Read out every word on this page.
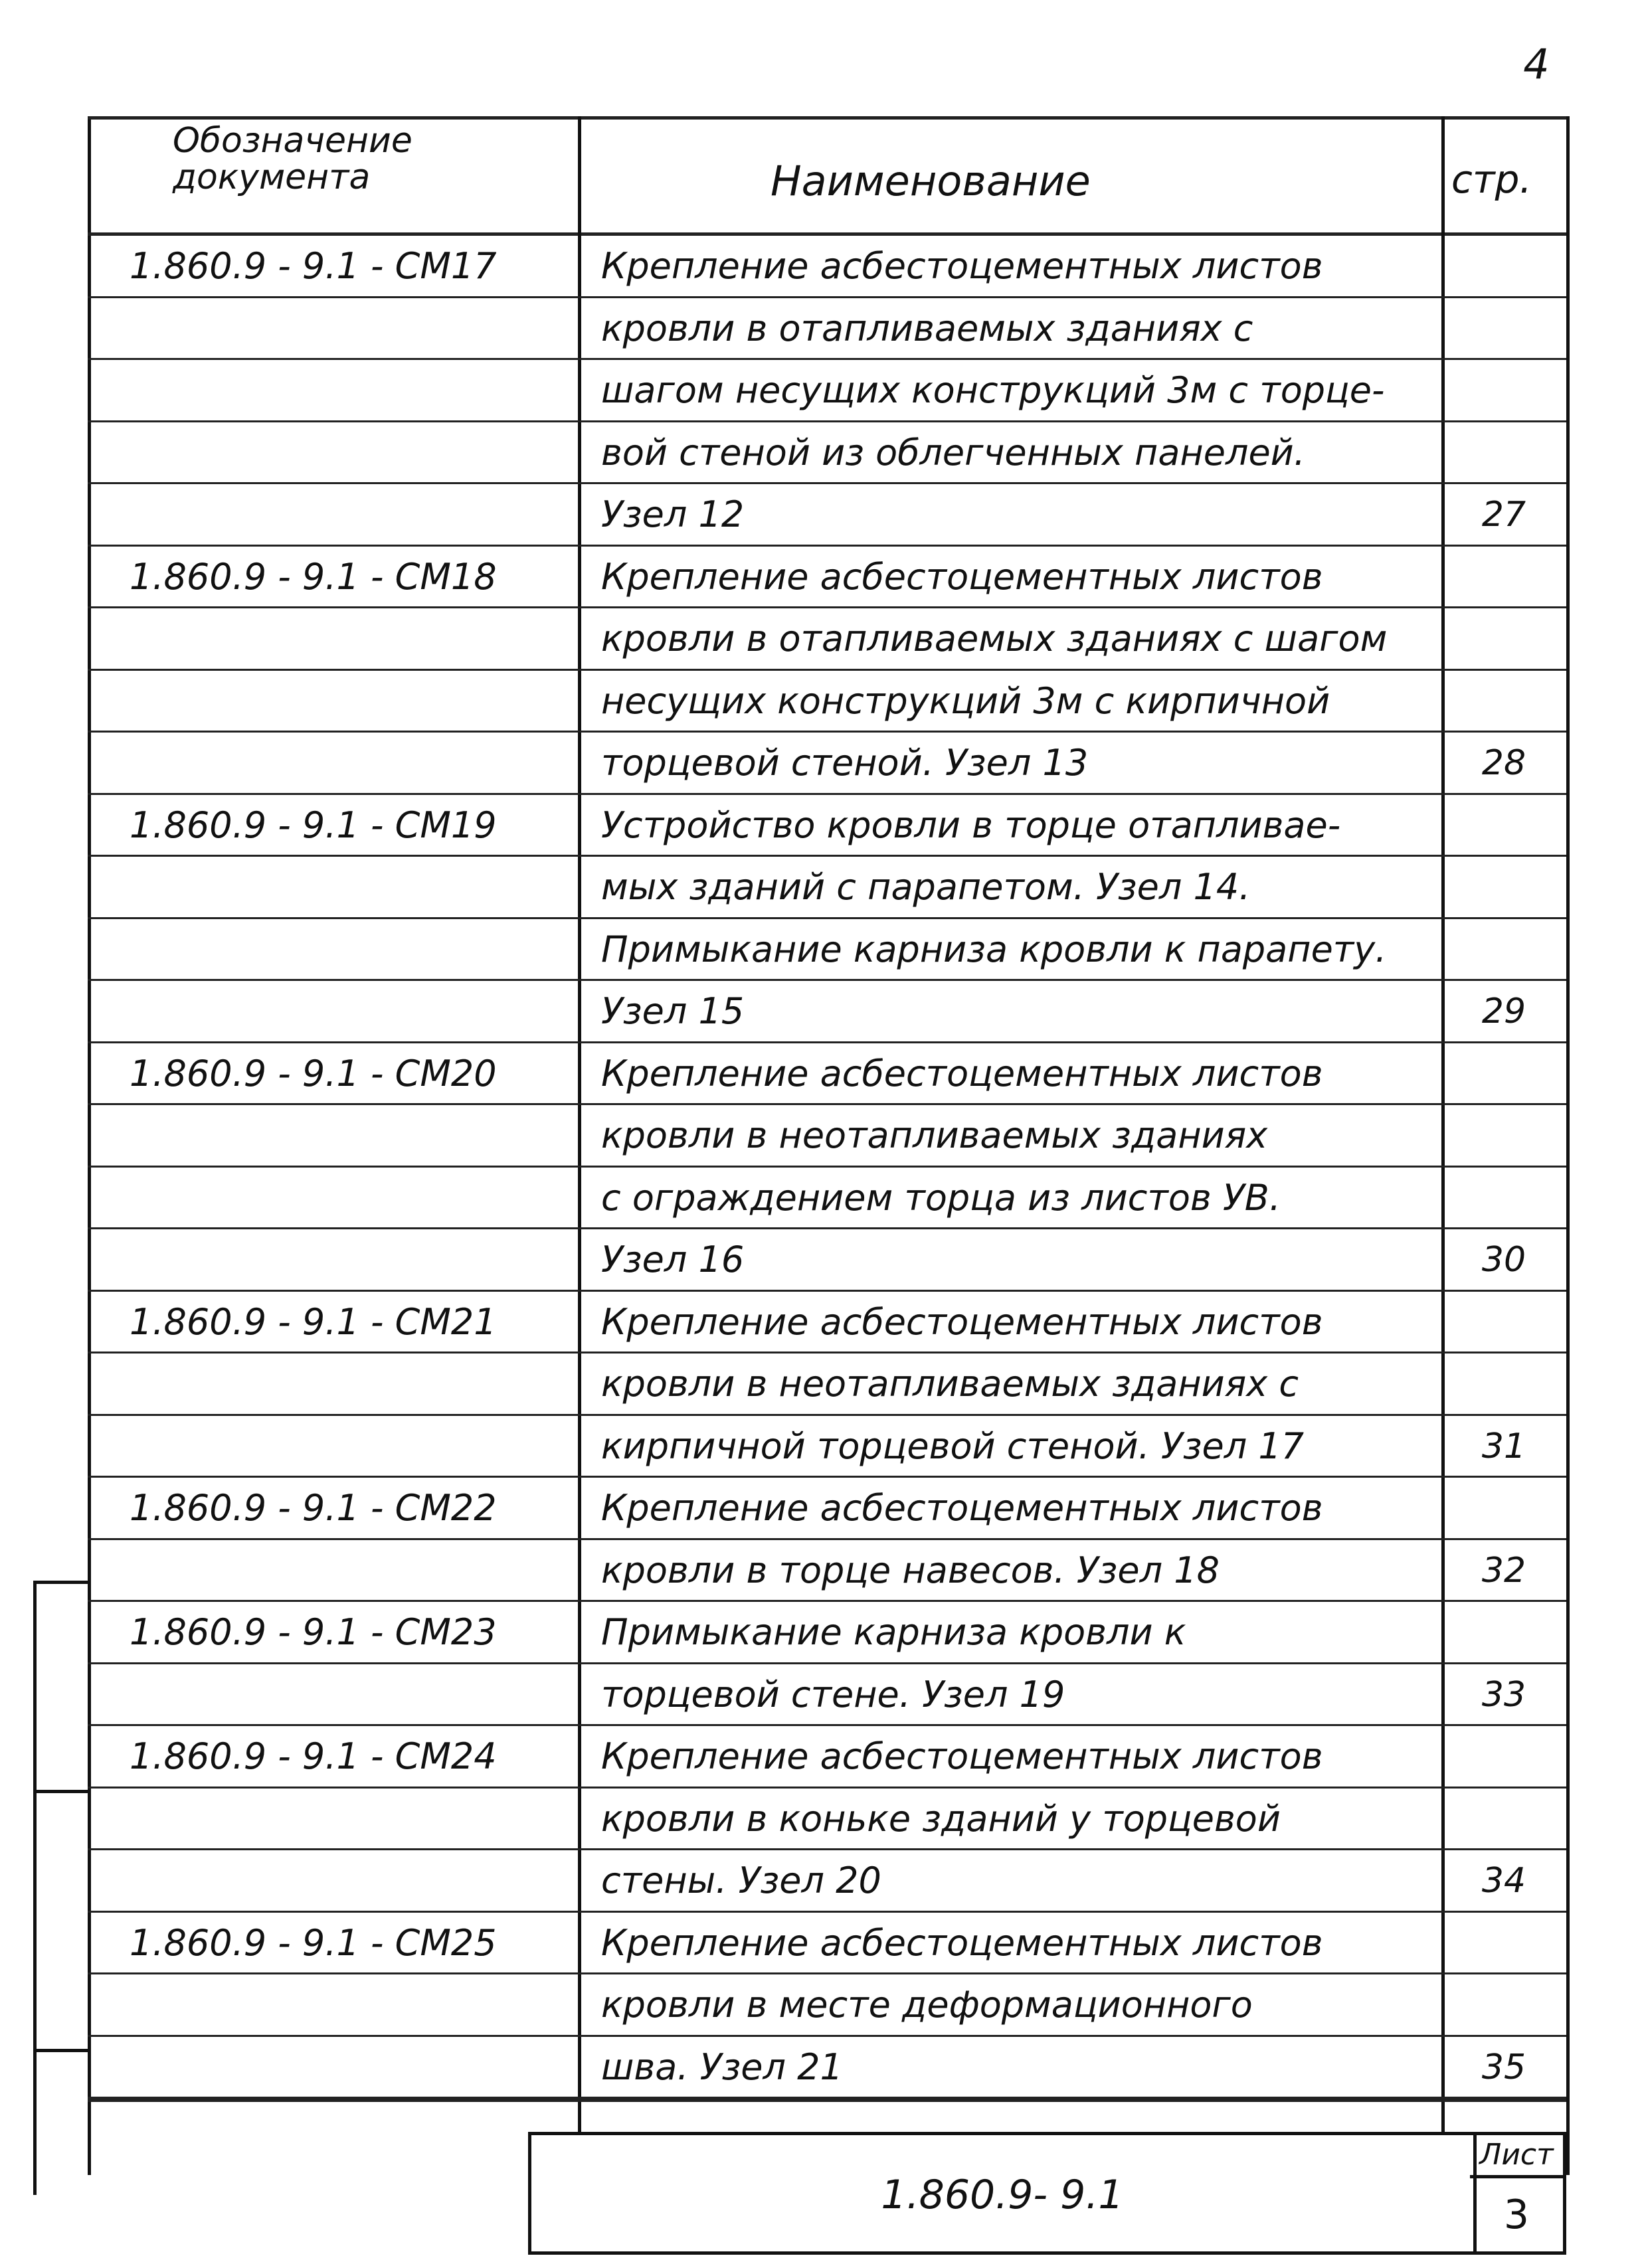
4
Обозначение
документа	Наименование	стр.
1.860.9 - 9.1 - СМ17	Крепление асбестоцементных листов
кровли в отапливаемых зданиях с
шагом несущих конструкций 3м с торце-
вой стеной из облегченных панелей.
Узел 12	27
1.860.9 - 9.1 - СМ18	Крепление асбестоцементных листов
кровли в отапливаемых зданиях с шагом
несущих конструкций 3м с кирпичной
торцевой стеной. Узел 13	28
1.860.9 - 9.1 - СМ19	Устройство кровли в торце отапливае-
мых зданий с парапетом. Узел 14.
Примыкание карниза кровли к парапету.
Узел 15	29
1.860.9 - 9.1 - СМ20	Крепление асбестоцементных листов
кровли в неотапливаемых зданиях
с ограждением торца из листов УВ.
Узел 16	30
1.860.9 - 9.1 - СМ21	Крепление асбестоцементных листов
кровли в неотапливаемых зданиях с
кирпичной торцевой стеной. Узел 17	31
1.860.9 - 9.1 - СМ22	Крепление асбестоцементных листов
кровли в торце навесов. Узел 18	32
1.860.9 - 9.1 - СМ23	Примыкание карниза кровли к
торцевой стене. Узел 19	33
1.860.9 - 9.1 - СМ24	Крепление асбестоцементных листов
кровли в коньке зданий у торцевой
стены. Узел 20	34
1.860.9 - 9.1 - СМ25	Крепление асбестоцементных листов
кровли в месте деформационного
шва. Узел 21	35
1.860.9- 9.1
Лист
3
